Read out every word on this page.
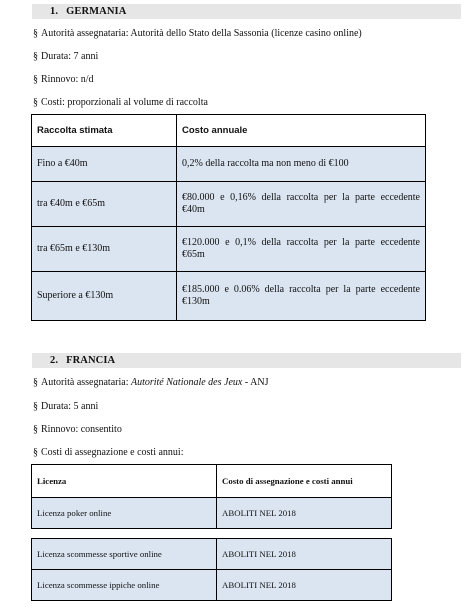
1. GERMANIA
§ Autorità assegnataria: Autorità dello Stato della Sassonia (licenze casino online)
§ Durata: 7 anni
§ Rinnovo: n/d
§ Costi: proporzionali al volume di raccolta
Raccolta stimata	Costo annuale
Fino a €40m	0,2% della raccolta ma non meno di €100
tra €40m e €65m	€80.000 e 0,16% della raccolta per la parte eccedente €40m
tra €65m e €130m	€120.000 e 0,1% della raccolta per la parte eccedente €65m
Superiore a €130m	€185.000 e 0.06% della raccolta per la parte eccedente €130m
2. FRANCIA
§ Autorità assegnataria: Autorité Nationale des Jeux - ANJ
§ Durata: 5 anni
§ Rinnovo: consentito
§ Costi di assegnazione e costi annui:
Licenza	Costo di assegnazione e costi annui
Licenza poker online	ABOLITI NEL 2018
Licenza scommesse sportive online	ABOLITI NEL 2018
Licenza scommesse ippiche online	ABOLITI NEL 2018
